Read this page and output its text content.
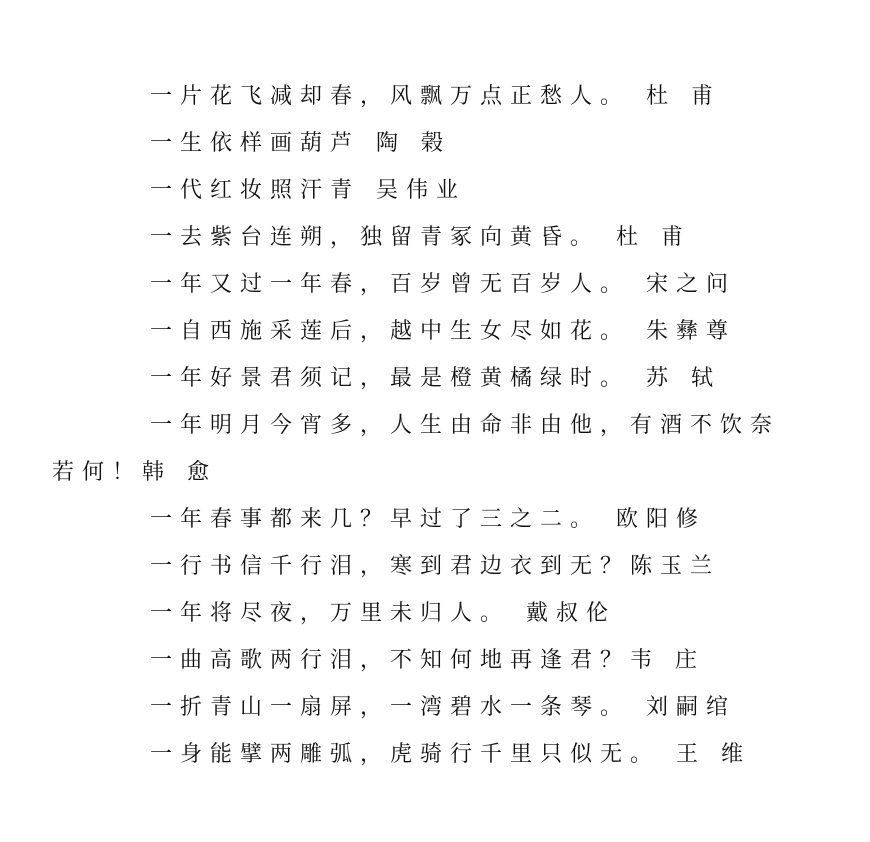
一片花飞减却春，风飘万点正愁人。 杜 甫
一生依样画葫芦 陶 榖
一代红妆照汗青 吴伟业
一去紫台连朔，独留青冢向黄昏。 杜 甫
一年又过一年春，百岁曾无百岁人。 宋之问
一自西施采莲后，越中生女尽如花。 朱彝尊
一年好景君须记，最是橙黄橘绿时。 苏 轼
一年明月今宵多，人生由命非由他，有酒不饮奈
若何！韩 愈
一年春事都来几？早过了三之二。 欧阳修
一行书信千行泪，寒到君边衣到无？陈玉兰
一年将尽夜，万里未归人。 戴叔伦
一曲高歌两行泪，不知何地再逢君？韦 庄
一折青山一扇屏，一湾碧水一条琴。 刘嗣绾
一身能擘两雕弧，虎骑行千里只似无。 王 维
